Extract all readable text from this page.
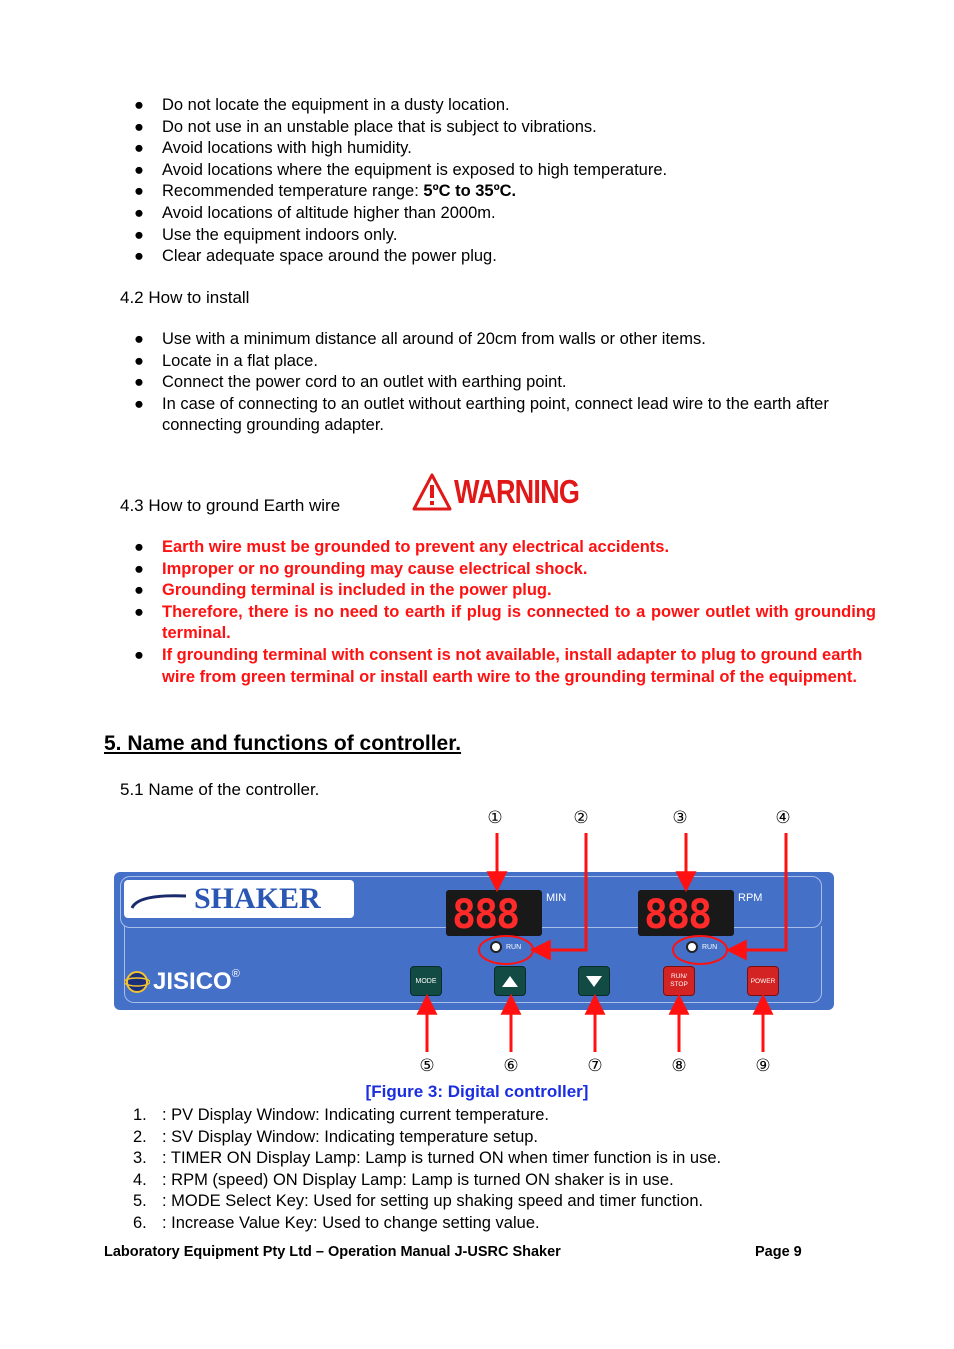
● Do not locate the equipment in a dusty location.
● Do not use in an unstable place that is subject to vibrations.
● Avoid locations with high humidity.
● Avoid locations where the equipment is exposed to high temperature.
● Recommended temperature range: 5ºC to 35ºC.
● Avoid locations of altitude higher than 2000m.
● Use the equipment indoors only.
● Clear adequate space around the power plug.
4.2 How to install
● Use with a minimum distance all around of 20cm from walls or other items.
● Locate in a flat place.
● Connect the power cord to an outlet with earthing point.
● In case of connecting to an outlet without earthing point, connect lead wire to the earth after connecting grounding adapter.
4.3 How to ground Earth wire	WARNING
● Earth wire must be grounded to prevent any electrical accidents.
● Improper or no grounding may cause electrical shock.
● Grounding terminal is included in the power plug.
● Therefore, there is no need to earth if plug is connected to a power outlet with grounding terminal.
● If grounding terminal with consent is not available, install adapter to plug to ground earth wire from green terminal or install earth wire to the grounding terminal of the equipment.
5. Name and functions of controller.
5.1 Name of the controller.
①	②	③	④
SHAKER
JISICO ®
888	MIN
RUN
888	RPM
RUN
MODE
RUN/
STOP	POWER
⑤	⑥	⑦	⑧	⑨
[Figure 3: Digital controller]
1. : PV Display Window: Indicating current temperature.
2. : SV Display Window: Indicating temperature setup.
3. : TIMER ON Display Lamp: Lamp is turned ON when timer function is in use.
4. : RPM (speed) ON Display Lamp: Lamp is turned ON shaker is in use.
5. : MODE Select Key: Used for setting up shaking speed and timer function.
6. : Increase Value Key: Used to change setting value.
Laboratory Equipment Pty Ltd – Operation Manual J-USRC Shaker	Page 9
